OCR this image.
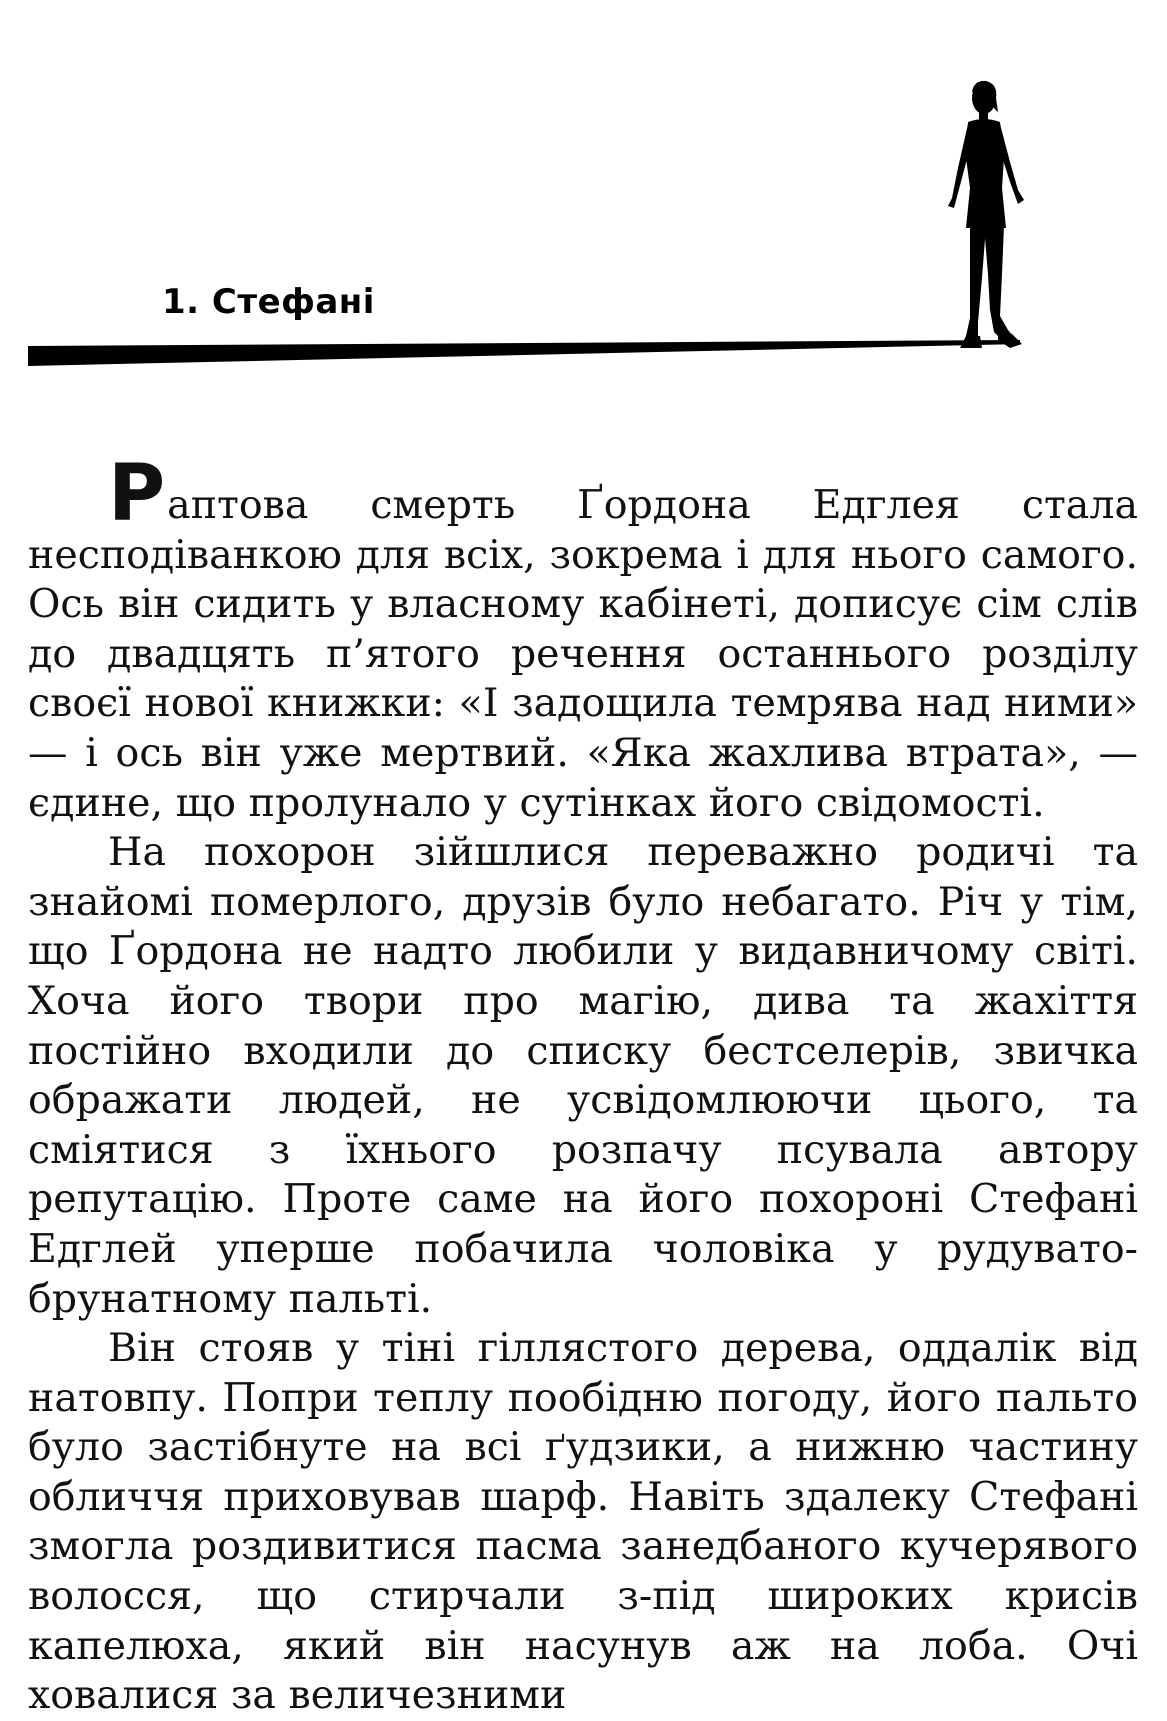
1. Стефані

Раптова смерть Ґордона Едглея стала несподіванкою для всіх, зокрема і для нього самого. Ось він сидить у власному кабінеті, дописує сім слів до двадцять п’ятого речення останнього розділу своєї нової книжки: «І задощила темрява над ними» — і ось він уже мертвий. «Яка жахлива втрата», — єдине, що пролунало у сутінках його свідомості.

На похорон зійшлися переважно родичі та знайомі померлого, друзів було небагато. Річ у тім, що Ґордона не надто любили у видавничому світі. Хоча його твори про магію, дива та жахіття постійно входили до списку бестселерів, звичка ображати людей, не усвідомлюючи цього, та сміятися з їхнього розпачу псувала автору репутацію. Проте саме на його похороні Стефані Едглей уперше побачила чоловіка у рудувато-брунатному пальті.

Він стояв у тіні гіллястого дерева, оддалік від натовпу. Попри теплу пообідню погоду, його пальто було застібнуте на всі ґудзики, а нижню частину обличчя приховував шарф. Навіть здалеку Стефані змогла роздивитися пасма занедбаного кучерявого волосся, що стирчали з-під широких крисів капелюха, який він насунув аж на лоба. Очі ховалися за величезними
